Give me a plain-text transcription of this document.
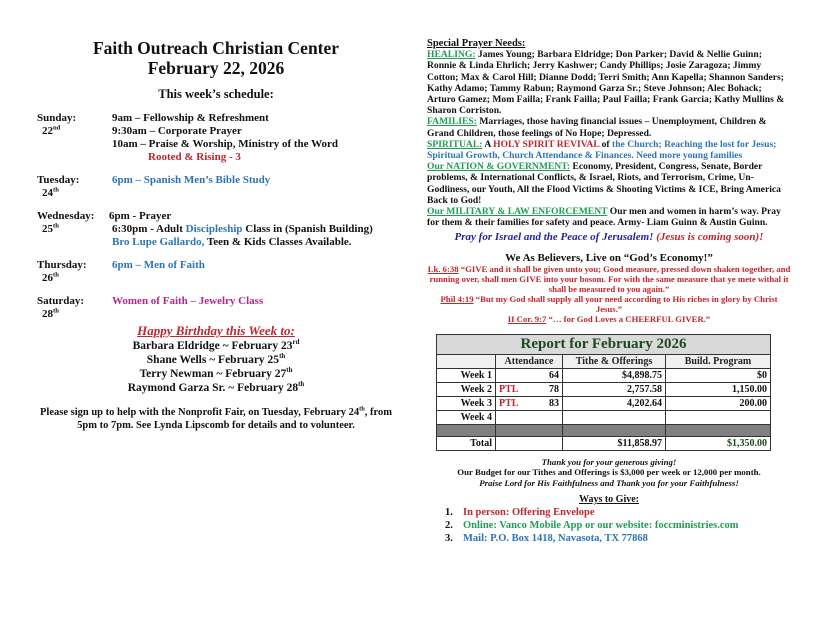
Faith Outreach Christian Center
February 22, 2026
This week’s schedule:
Sunday:
22nd
9am – Fellowship & Refreshment
9:30am – Corporate Prayer
10am – Praise & Worship, Ministry of the Word
Rooted & Rising - 3
Tuesday:
24th
6pm – Spanish Men’s Bible Study
Wednesday:
25th
6pm - Prayer
6:30pm - Adult Discipleship Class in (Spanish Building)
Bro Lupe Gallardo, Teen & Kids Classes Available.
Thursday:
26th
6pm – Men of Faith
Saturday:
28th
Women of Faith – Jewelry Class
Happy Birthday this Week to:
Barbara Eldridge ~ February 23rd
Shane Wells ~ February 25th
Terry Newman ~ February 27th
Raymond Garza Sr. ~ February 28th
Please sign up to help with the Nonprofit Fair, on Tuesday, February 24th, from 5pm to 7pm. See Lynda Lipscomb for details and to volunteer.
Special Prayer Needs:
HEALING: James Young; Barbara Eldridge; Don Parker; David & Nellie Guinn; Ronnie & Linda Ehrlich; Jerry Kashwer; Candy Phillips; Josie Zaragoza; Jimmy Cotton; Max & Carol Hill; Dianne Dodd; Terri Smith; Ann Kapella; Shannon Sanders; Kathy Adamo; Tammy Rabun; Raymond Garza Sr.; Steve Johnson; Alec Bohack; Arturo Gamez; Mom Failla; Frank Failla; Paul Failla; Frank Garcia; Kathy Mullins & Sharon Corriston.
FAMILIES: Marriages, those having financial issues – Unemployment, Children & Grand Children, those feelings of No Hope; Depressed.
SPIRITUAL: A HOLY SPIRIT REVIVAL of the Church; Reaching the lost for Jesus; Spiritual Growth, Church Attendance & Finances. Need more young families
Our NATION & GOVERNMENT: Economy, President, Congress, Senate, Border problems, & International Conflicts, & Israel, Riots, and Terrorism, Crime, Un-Godliness, our Youth, All the Flood Victims & Shooting Victims & ICE, Bring America Back to God!
Our MILITARY & LAW ENFORCEMENT Our men and women in harm’s way. Pray for them & their families for safety and peace. Army- Liam Guinn & Austin Guinn.
Pray for Israel and the Peace of Jerusalem! (Jesus is coming soon)!
We As Believers, Live on “God’s Economy!”
Lk. 6:38 “GIVE and it shall be given unto you; Good measure, pressed down shaken together, and running over, shall men GIVE into your bosom. For with the same measure that ye mete withal it shall be measured to you again.”
Phil 4:19 “But my God shall supply all your need according to His riches in glory by Christ Jesus.”
II Cor. 9:7 “… for God Loves a CHEERFUL GIVER.”
Report for February 2026			
	Attendance	Tithe & Offerings	Build. Program
Week 1	64	$4,898.75	$0
Week 2	PTL 78	2,757.58	1,150.00
Week 3	PTL 83	4,202.64	200.00
Week 4	

Total		$11,858.97	$1,350.00
Thank you for your generous giving!
Our Budget for our Tithes and Offerings is $3,000 per week or 12,000 per month.
Praise Lord for His Faithfulness and Thank you for your Faithfulness!
Ways to Give:
1. In person: Offering Envelope
2. Online: Vanco Mobile App or our website: foccministries.com
3. Mail: P.O. Box 1418, Navasota, TX 77868
